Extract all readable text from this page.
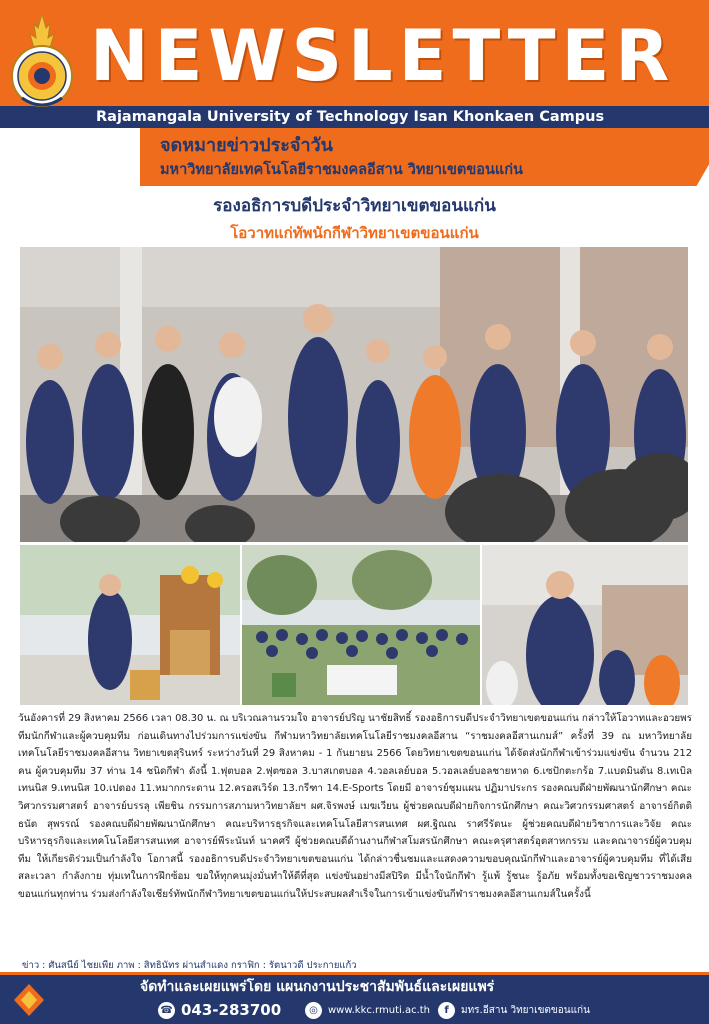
NEWSLETTER
Rajamangala University of Technology Isan Khonkaen Campus
จดหมายข่าวประจำวัน
มหาวิทยาลัยเทคโนโลยีราชมงคลอีสาน วิทยาเขตขอนแก่น
รองอธิการบดีประจำวิทยาเขตขอนแก่น
โอวาทแก่ทัพนักกีฬาวิทยาเขตขอนแก่น
วันอังคารที่ 29 สิงหาคม 2566 เวลา 08.30 น. ณ บริเวณลานรวมใจ อาจารย์ปริญ นาชัยสิทธิ์ รองอธิการบดีประจำวิทยาเขตขอนแก่น กล่าวให้โอวาทและอวยพร ทีมนักกีฬาและผู้ควบคุมทีม ก่อนเดินทางไปร่วมการแข่งขัน กีฬามหาวิทยาลัยเทคโนโลยีราชมงคลอีสาน “ราชมงคลอีสานเกมส์” ครั้งที่ 39 ณ มหาวิทยาลัยเทคโนโลยีราชมงคลอีสาน วิทยาเขตสุรินทร์ ระหว่างวันที่ 29 สิงหาคม - 1 กันยายน 2566 โดยวิทยาเขตขอนแก่น ได้จัดส่งนักกีฬาเข้าร่วมแข่งขัน จำนวน 212 คน ผู้ควบคุมทีม 37 ท่าน 14 ชนิดกีฬา ดังนี้ 1.ฟุตบอล 2.ฟุตซอล 3.บาสเกตบอล 4.วอลเลย์บอล 5.วอลเลย์บอลชายหาด 6.เซปักตะกร้อ 7.แบดมินตัน 8.เทเบิลเทนนิส 9.เทนนิส 10.เปตอง 11.หมากกระดาน 12.ครอสเวิร์ด 13.กรีฑา 14.E-Sports โดยมี อาจารย์ชุมแผน ปฏิมาประกร รองคณบดีฝ่ายพัฒนานักศึกษา คณะวิศวกรรมศาสตร์ อาจารย์บรรลุ เพียชิน กรรมการสภามหาวิทยาลัยฯ ผศ.จิรพงษ์ เมฆเวียน ผู้ช่วยคณบดีฝ่ายกิจการนักศึกษา คณะวิศวกรรมศาสตร์ อาจารย์กิตติธนัต สุพรรณ์ รองคณบดีฝ่ายพัฒนานักศึกษา คณะบริหารธุรกิจและเทคโนโลยีสารสนเทศ ผศ.ฐิณณ ราศรีรัตนะ ผู้ช่วยคณบดีฝ่ายวิชาการและวิจัย คณะบริหารธุรกิจและเทคโนโลยีสารสนเทศ อาจารย์พีระนันท์ นาคศรี ผู้ช่วยคณบดีด้านงานกีฬาสโมสรนักศึกษา คณะครุศาสตร์อุตสาหกรรม และคณาจารย์ผู้ควบคุมทีม ให้เกียรติร่วมเป็นกำลังใจ โอกาสนี้ รองอธิการบดีประจำวิทยาเขตขอนแก่น ได้กล่าวชื่นชมและแสดงความขอบคุณนักกีฬาและอาจารย์ผู้ควบคุมทีม ที่ได้เสียสละเวลา กำลังกาย ทุ่มเทในการฝึกซ้อม ขอให้ทุกคนมุ่งมั่นทำให้ดีที่สุด แข่งขันอย่างมีสปิริต มีน้ำใจนักกีฬา รู้แพ้ รู้ชนะ รู้อภัย พร้อมทั้งขอเชิญชาวราชมงคลขอนแก่นทุกท่าน ร่วมส่งกำลังใจเชียร์ทัพนักกีฬาวิทยาเขตขอนแก่นให้ประสบผลสำเร็จในการเข้าแข่งขันกีฬาราชมงคลอีสานเกมส์ในครั้งนี้
ข่าว : ศันสนีย์ ไชยเพีย ภาพ : สิทธินัทร ผ่านสำแดง กราฟิก : รัตนาวดี ประกายแก้ว
จัดทำและเผยแพร่โดย แผนกงานประชาสัมพันธ์และเผยแพร่
☎ 043-283700	◎	www.kkc.rmuti.ac.th	f	มทร.อีสาน วิทยาเขตขอนแก่น
